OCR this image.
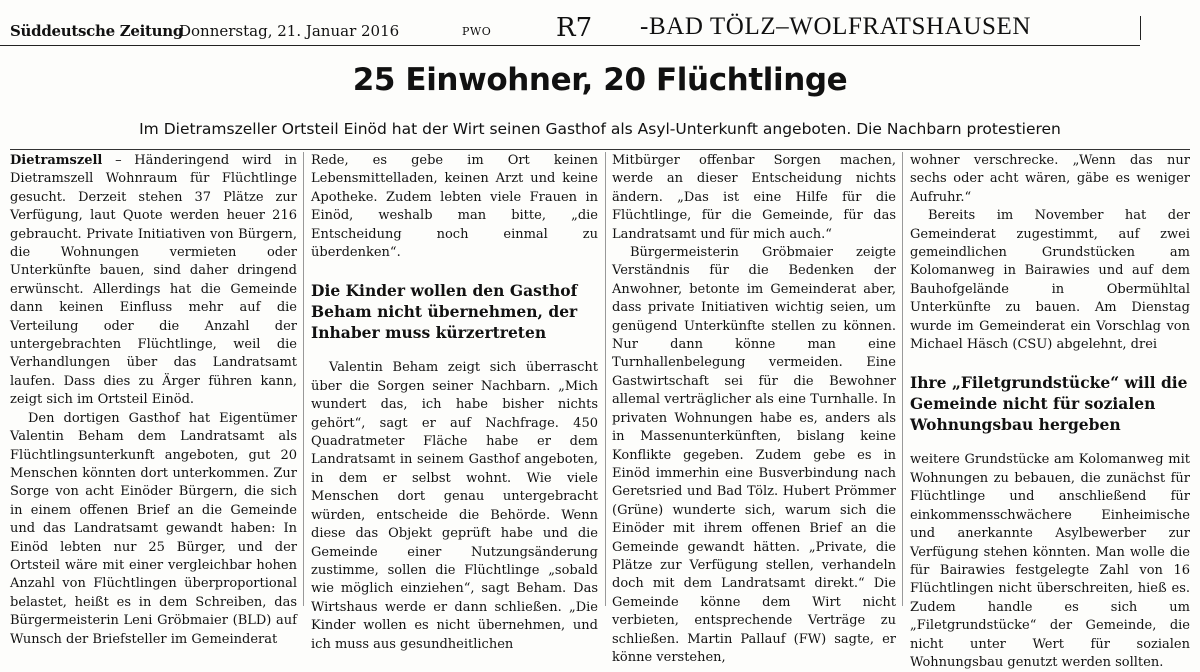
Süddeutsche Zeitung
Donnerstag, 21. Januar 2016	PWO R7
-	BAD TÖLZ–WOLFRATSHAUSEN
25 Einwohner, 20 Flüchtlinge
Im Dietramszeller Ortsteil Einöd hat der Wirt seinen Gasthof als Asyl-Unterkunft angeboten. Die Nachbarn protestieren

Dietramszell – Händeringend wird in Dietramszell Wohnraum für Flüchtlinge gesucht. Derzeit stehen 37 Plätze zur Verfügung, laut Quote werden heuer 216 gebraucht. Private Initiativen von Bürgern, die Wohnungen vermieten oder Unterkünfte bauen, sind daher dringend erwünscht. Allerdings hat die Gemeinde dann keinen Einfluss mehr auf die Verteilung oder die Anzahl der untergebrachten Flüchtlinge, weil die Verhandlungen über das Landratsamt laufen. Dass dies zu Ärger führen kann, zeigt sich im Ortsteil Einöd.

Den dortigen Gasthof hat Eigentümer Valentin Beham dem Landratsamt als Flüchtlingsunterkunft angeboten, gut 20 Menschen könnten dort unterkommen. Zur Sorge von acht Einöder Bürgern, die sich in einem offenen Brief an die Gemeinde und das Landratsamt gewandt haben: In Einöd lebten nur 25 Bürger, und der Ortsteil wäre mit einer vergleichbar hohen Anzahl von Flüchtlingen überproportional belastet, heißt es in dem Schreiben, das Bürgermeisterin Leni Gröbmaier (BLD) auf Wunsch der Briefsteller im Gemeinderat

Rede, es gebe im Ort keinen Lebensmittelladen, keinen Arzt und keine Apotheke. Zudem lebten viele Frauen in Einöd, weshalb man bitte, „die Entscheidung noch einmal zu überdenken“.

Die Kinder wollen den Gasthof Beham nicht übernehmen, der Inhaber muss kürzertreten

Valentin Beham zeigt sich überrascht über die Sorgen seiner Nachbarn. „Mich wundert das, ich habe bisher nichts gehört“, sagt er auf Nachfrage. 450 Quadratmeter Fläche habe er dem Landratsamt in seinem Gasthof angeboten, in dem er selbst wohnt. Wie viele Menschen dort genau untergebracht würden, entscheide die Behörde. Wenn diese das Objekt geprüft habe und die Gemeinde einer Nutzungsänderung zustimme, sollen die Flüchtlinge „sobald wie möglich einziehen“, sagt Beham. Das Wirtshaus werde er dann schließen. „Die Kinder wollen es nicht übernehmen, und ich muss aus gesundheitlichen

Mitbürger offenbar Sorgen machen, werde an dieser Entscheidung nichts ändern. „Das ist eine Hilfe für die Flüchtlinge, für die Gemeinde, für das Landratsamt und für mich auch.“

Bürgermeisterin Gröbmaier zeigte Verständnis für die Bedenken der Anwohner, betonte im Gemeinderat aber, dass private Initiativen wichtig seien, um genügend Unterkünfte stellen zu können. Nur dann könne man eine Turnhallenbelegung vermeiden. Eine Gastwirtschaft sei für die Bewohner allemal verträglicher als eine Turnhalle. In privaten Wohnungen habe es, anders als in Massenunterkünften, bislang keine Konflikte gegeben. Zudem gebe es in Einöd immerhin eine Busverbindung nach Geretsried und Bad Tölz. Hubert Prömmer (Grüne) wunderte sich, warum sich die Einöder mit ihrem offenen Brief an die Gemeinde gewandt hätten. „Private, die Plätze zur Verfügung stellen, verhandeln doch mit dem Landratsamt direkt.“ Die Gemeinde könne dem Wirt nicht verbieten, entsprechende Verträge zu schließen. Martin Pallauf (FW) sagte, er könne verstehen,

wohner verschrecke. „Wenn das nur sechs oder acht wären, gäbe es weniger Aufruhr.“

Bereits im November hat der Gemeinderat zugestimmt, auf zwei gemeindlichen Grundstücken am Kolomanweg in Bairawies und auf dem Bauhofgelände in Obermühltal Unterkünfte zu bauen. Am Dienstag wurde im Gemeinderat ein Vorschlag von Michael Häsch (CSU) abgelehnt, drei

Ihre „Filetgrundstücke“ will die Gemeinde nicht für sozialen Wohnungsbau hergeben

weitere Grundstücke am Kolomanweg mit Wohnungen zu bebauen, die zunächst für Flüchtlinge und anschließend für einkommensschwächere Einheimische und anerkannte Asylbewerber zur Verfügung stehen könnten. Man wolle die für Bairawies festgelegte Zahl von 16 Flüchtlingen nicht überschreiten, hieß es. Zudem handle es sich um „Filetgrundstücke“ der Gemeinde, die nicht unter Wert für sozialen Wohnungsbau genutzt werden sollten.
